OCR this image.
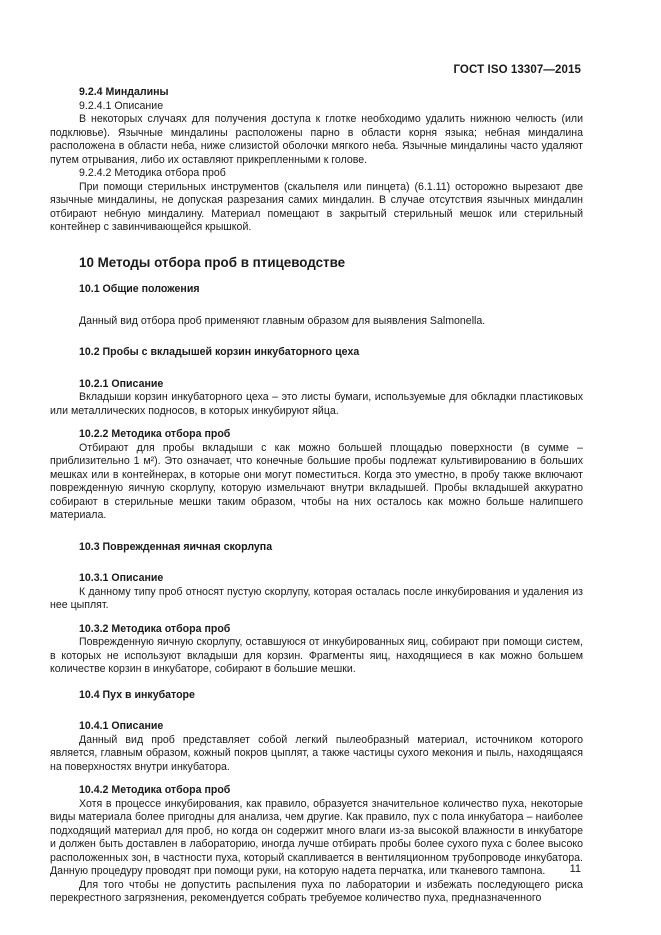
ГОСТ ISO 13307—2015

9.2.4 Миндалины

9.2.4.1 Описание

В некоторых случаях для получения доступа к глотке необходимо удалить нижнюю челюсть (или подклювье). Язычные миндалины расположены парно в области корня языка; небная миндалина расположена в области неба, ниже слизистой оболочки мягкого неба. Язычные миндалины часто удаляют путем отрывания, либо их оставляют прикрепленными к голове.

9.2.4.2 Методика отбора проб

При помощи стерильных инструментов (скальпеля или пинцета) (6.1.11) осторожно вырезают две язычные миндалины, не допуская разрезания самих миндалин. В случае отсутствия язычных миндалин отбирают небную миндалину. Материал помещают в закрытый стерильный мешок или стерильный контейнер с завинчивающейся крышкой.

10 Методы отбора проб в птицеводстве

10.1 Общие положения

Данный вид отбора проб применяют главным образом для выявления Salmonella.

10.2 Пробы с вкладышей корзин инкубаторного цеха

10.2.1 Описание

Вкладыши корзин инкубаторного цеха – это листы бумаги, используемые для обкладки пластиковых или металлических подносов, в которых инкубируют яйца.

10.2.2 Методика отбора проб

Отбирают для пробы вкладыши с как можно большей площадью поверхности (в сумме – приблизительно 1 м²). Это означает, что конечные большие пробы подлежат культивированию в больших мешках или в контейнерах, в которые они могут поместиться. Когда это уместно, в пробу также включают поврежденную яичную скорлупу, которую измельчают внутри вкладышей. Пробы вкладышей аккуратно собирают в стерильные мешки таким образом, чтобы на них осталось как можно больше налипшего материала.

10.3 Поврежденная яичная скорлупа

10.3.1 Описание

К данному типу проб относят пустую скорлупу, которая осталась после инкубирования и удаления из нее цыплят.

10.3.2 Методика отбора проб

Поврежденную яичную скорлупу, оставшуюся от инкубированных яиц, собирают при помощи систем, в которых не используют вкладыши для корзин. Фрагменты яиц, находящиеся в как можно большем количестве корзин в инкубаторе, собирают в большие мешки.

10.4 Пух в инкубаторе

10.4.1 Описание

Данный вид проб представляет собой легкий пылеобразный материал, источником которого является, главным образом, кожный покров цыплят, а также частицы сухого мекония и пыль, находящаяся на поверхностях внутри инкубатора.

10.4.2 Методика отбора проб

Хотя в процессе инкубирования, как правило, образуется значительное количество пуха, некоторые виды материала более пригодны для анализа, чем другие. Как правило, пух с пола инкубатора – наиболее подходящий материал для проб, но когда он содержит много влаги из-за высокой влажности в инкубаторе и должен быть доставлен в лабораторию, иногда лучше отбирать пробы более сухого пуха с более высоко расположенных зон, в частности пуха, который скапливается в вентиляционном трубопроводе инкубатора. Данную процедуру проводят при помощи руки, на которую надета перчатка, или тканевого тампона.

Для того чтобы не допустить распыления пуха по лаборатории и избежать последующего риска перекрестного загрязнения, рекомендуется собрать требуемое количество пуха, предназначенного

11
